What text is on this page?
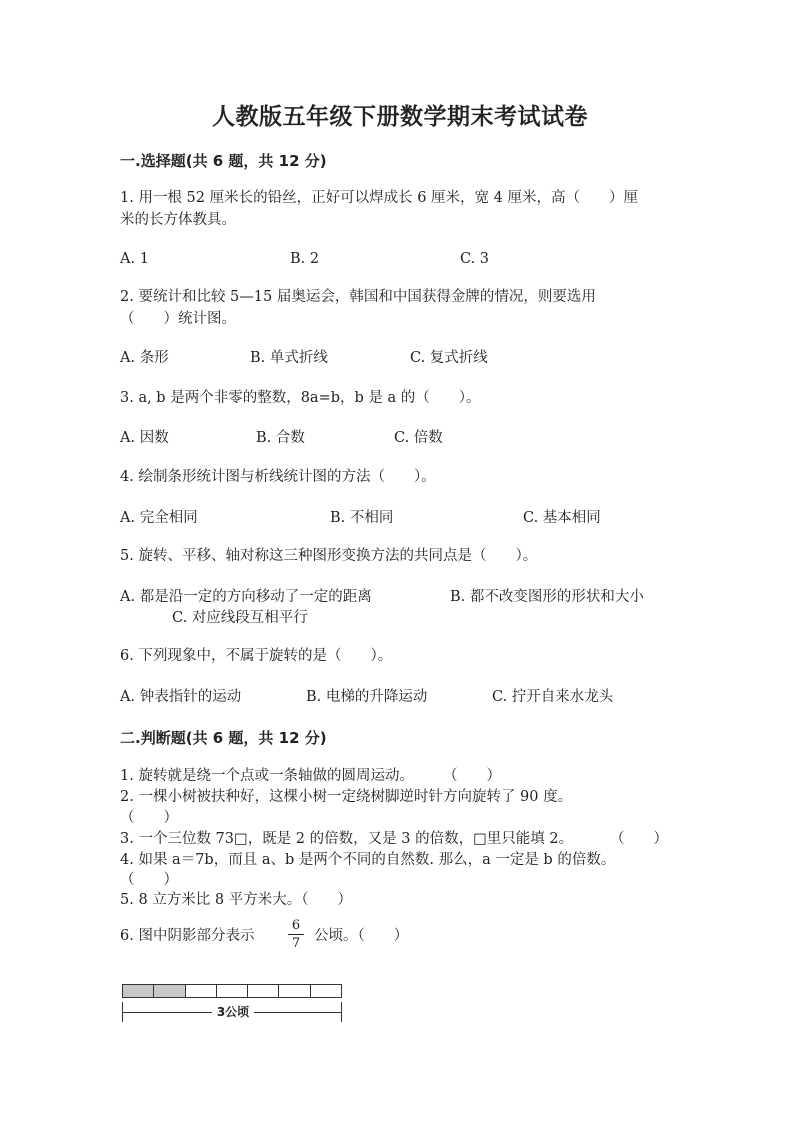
人教版五年级下册数学期末考试试卷
一.选择题(共 6 题，共 12 分)
1. 用一根 52 厘米长的铅丝，正好可以焊成长 6 厘米，宽 4 厘米，高（　　）厘
米的长方体教具。
A. 1	B. 2	C. 3
2. 要统计和比较 5—15 届奥运会，韩国和中国获得金牌的情况，则要选用
（　　）统计图。
A. 条形	B. 单式折线	C. 复式折线
3. a, b 是两个非零的整数，8a=b，b 是 a 的（　　）。
A. 因数	B. 合数	C. 倍数
4. 绘制条形统计图与析线统计图的方法（　　）。
A. 完全相同	B. 不相同	C. 基本相同
5. 旋转、平移、轴对称这三种图形变换方法的共同点是（　　）。
A. 都是沿一定的方向移动了一定的距离	B. 都不改变图形的形状和大小
C. 对应线段互相平行
6. 下列现象中，不属于旋转的是（　　）。
A. 钟表指针的运动	B. 电梯的升降运动	C. 拧开自来水龙头
二.判断题(共 6 题，共 12 分)
1. 旋转就是绕一个点或一条轴做的圆周运动。　　　（　　）
2. 一棵小树被扶种好，这棵小树一定绕树脚逆时针方向旋转了 90 度。
（　　）
3. 一个三位数 73□，既是 2 的倍数，又是 3 的倍数，□里只能填 2。	（　　）
4. 如果 a＝7b，而且 a、b 是两个不同的自然数. 那么，a 一定是 b 的倍数。
（　　）
5. 8 立方米比 8 平方米大。（　　）
6. 图中阴影部分表示	$\frac{6}{7}$ 公顷。（　　）
3公顷
